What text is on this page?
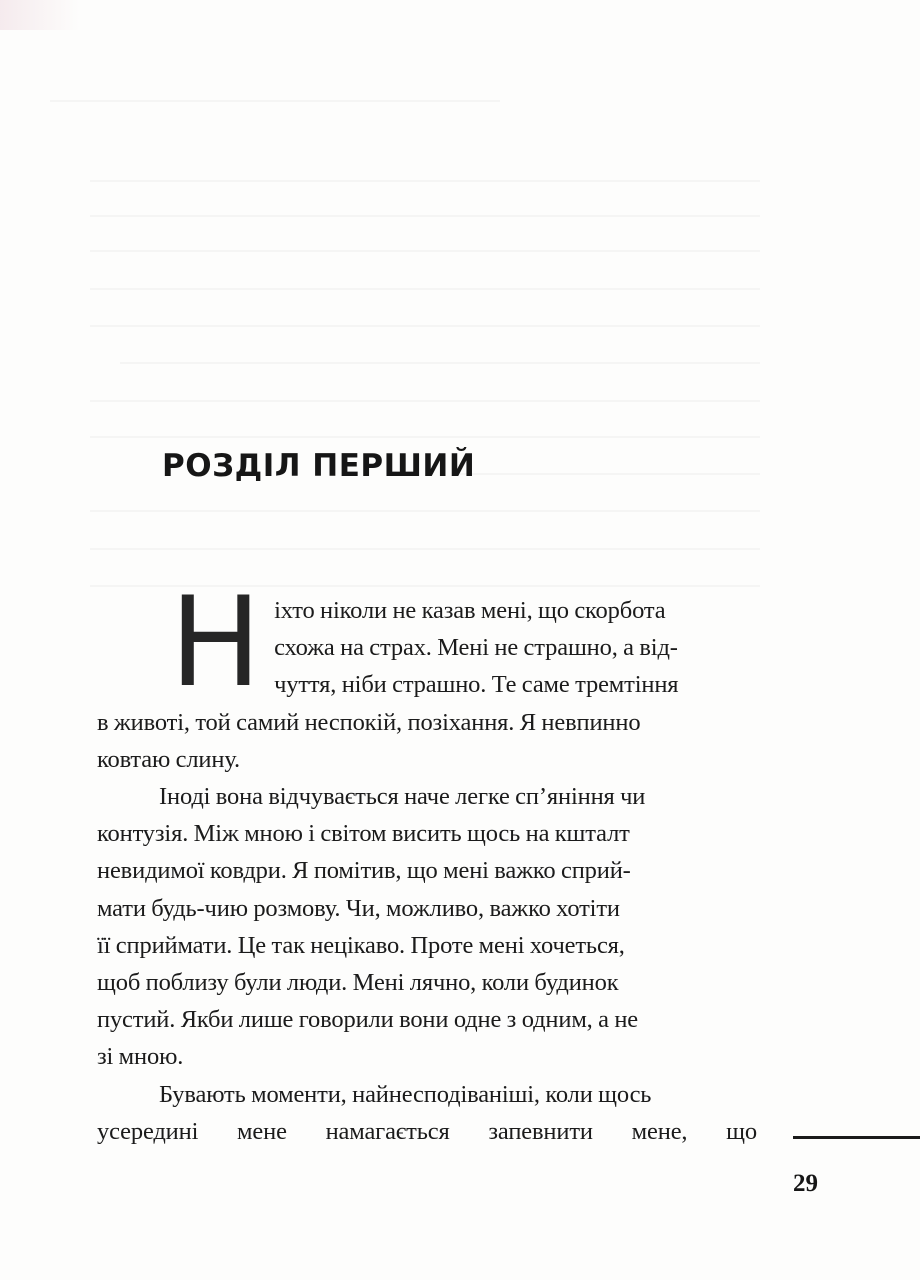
РОЗДІЛ ПЕРШИЙ

Н іхто ніколи не казав мені, що скорбота
схожа на страх. Мені не страшно, а від-
чуття, ніби страшно. Те саме тремтіння
в животі, той самий неспокій, позіхання. Я невпинно
ковтаю слину.

Іноді вона відчувається наче легке сп’яніння чи

контузія. Між мною і світом висить щось на кшталт
невидимої ковдри. Я помітив, що мені важко сприй-
мати будь-чию розмову. Чи, можливо, важко хотіти
її сприймати. Це так нецікаво. Проте мені хочеться,
щоб поблизу були люди. Мені лячно, коли будинок
пустий. Якби лише говорили вони одне з одним, а не
зі мною.

Бувають моменти, найнесподіваніші, коли щось

усередині мене намагається запевнити мене, що

29
